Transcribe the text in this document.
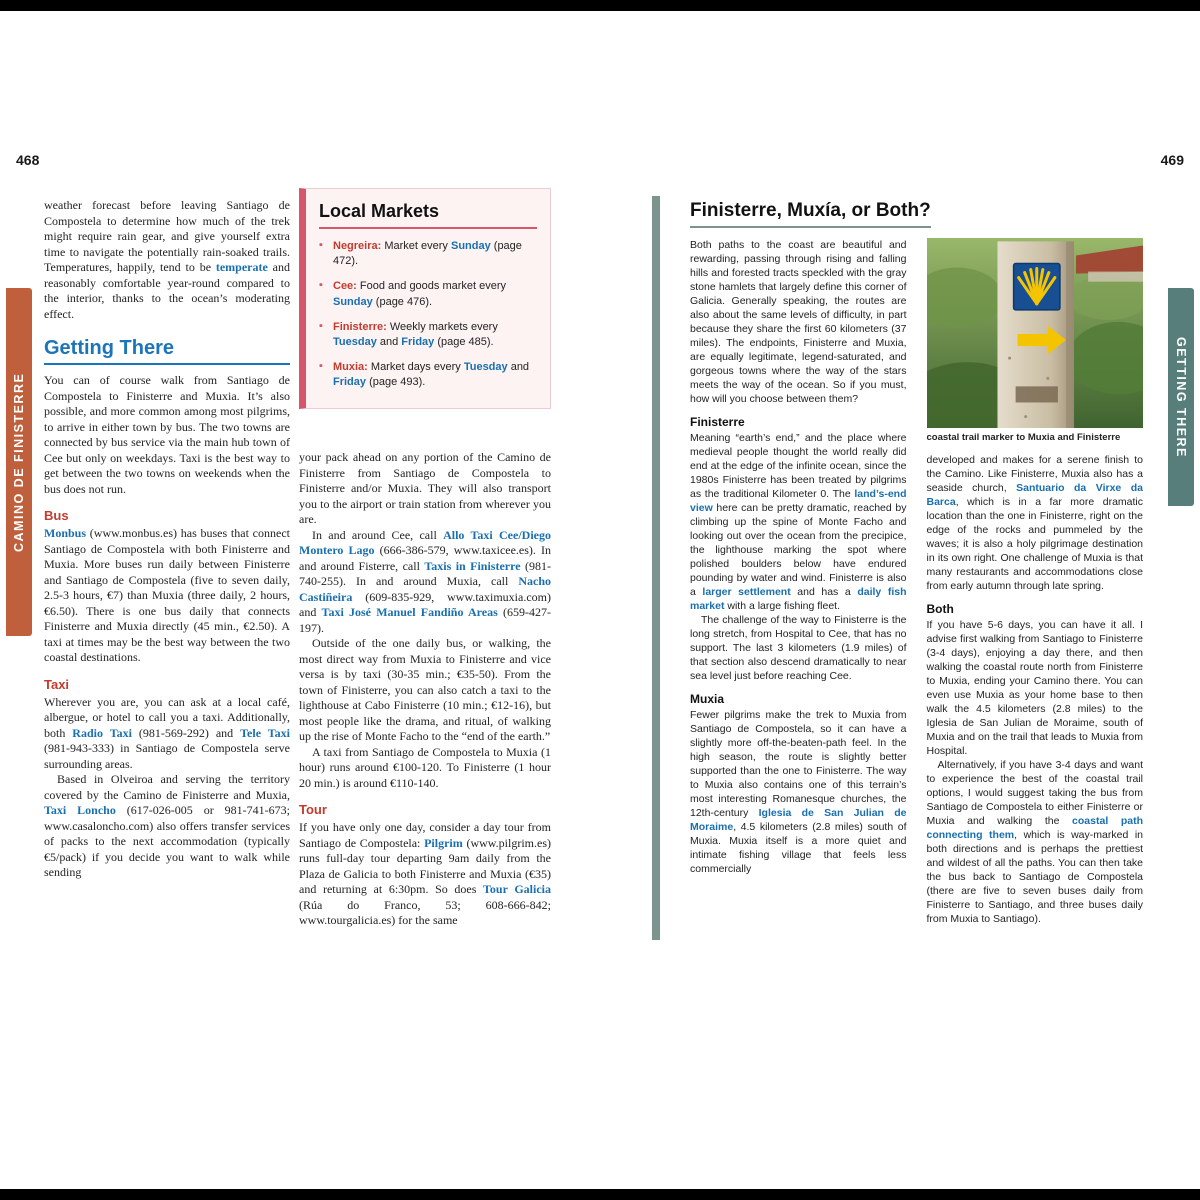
468	469
CAMINO DE FINISTERRE	GETTING THERE

weather forecast before leaving Santiago de Compostela to determine how much of the trek might require rain gear, and give yourself extra time to navigate the potentially rain-soaked trails. Temperatures, happily, tend to be temperate and reasonably comfortable year-round compared to the interior, thanks to the ocean’s moderating effect.

Getting There

You can of course walk from Santiago de Compostela to Finisterre and Muxia. It’s also possible, and more common among most pilgrims, to arrive in either town by bus. The two towns are connected by bus service via the main hub town of Cee but only on weekdays. Taxi is the best way to get between the two towns on weekends when the bus does not run.

Bus

Monbus (www.monbus.es) has buses that connect Santiago de Compostela with both Finisterre and Muxia. More buses run daily between Finisterre and Santiago de Compostela (five to seven daily, 2.5-3 hours, €7) than Muxia (three daily, 2 hours, €6.50). There is one bus daily that connects Finisterre and Muxia directly (45 min., €2.50). A taxi at times may be the best way between the two coastal destinations.

Taxi

Wherever you are, you can ask at a local café, albergue, or hotel to call you a taxi. Additionally, both Radio Taxi (981-569-292) and Tele Taxi (981-943-333) in Santiago de Compostela serve surrounding areas.

Based in Olveiroa and serving the territory covered by the Camino de Finisterre and Muxia, Taxi Loncho (617-026-005 or 981-741-673; www.casaloncho.com) also offers transfer services of packs to the next accommodation (typically €5/pack) if you decide you want to walk while sending

Local Markets

▪ Negreira: Market every Sunday (page 472).

▪ Cee: Food and goods market every Sunday (page 476).

▪ Finisterre: Weekly markets every Tuesday and Friday (page 485).

▪ Muxia: Market days every Tuesday and Friday (page 493).

your pack ahead on any portion of the Camino de Finisterre from Santiago de Compostela to Finisterre and/or Muxia. They will also transport you to the airport or train station from wherever you are.

In and around Cee, call Allo Taxi Cee/Diego Montero Lago (666-386-579, www.taxicee.es). In and around Fisterre, call Taxis in Finisterre (981-740-255). In and around Muxia, call Nacho Castiñeira (609-835-929, www.taximuxia.com) and Taxi José Manuel Fandiño Areas (659-427-197).

Outside of the one daily bus, or walking, the most direct way from Muxia to Finisterre and vice versa is by taxi (30-35 min.; €35-50). From the town of Finisterre, you can also catch a taxi to the lighthouse at Cabo Finisterre (10 min.; €12-16), but most people like the drama, and ritual, of walking up the rise of Monte Facho to the “end of the earth.”

A taxi from Santiago de Compostela to Muxia (1 hour) runs around €100-120. To Finisterre (1 hour 20 min.) is around €110-140.

Tour

If you have only one day, consider a day tour from Santiago de Compostela: Pilgrim (www.pilgrim.es) runs full-day tour departing 9am daily from the Plaza de Galicia to both Finisterre and Muxia (€35) and returning at 6:30pm. So does Tour Galicia (Rúa do Franco, 53; 608-666-842; www.tourgalicia.es) for the same

Finisterre, Muxía, or Both?

Both paths to the coast are beautiful and rewarding, passing through rising and falling hills and forested tracts speckled with the gray stone hamlets that largely define this corner of Galicia. Generally speaking, the routes are also about the same levels of difficulty, in part because they share the first 60 kilometers (37 miles). The endpoints, Finisterre and Muxia, are equally legitimate, legend-saturated, and gorgeous towns where the way of the stars meets the way of the ocean. So if you must, how will you choose between them?

Finisterre

Meaning “earth’s end,” and the place where medieval people thought the world really did end at the edge of the infinite ocean, since the 1980s Finisterre has been treated by pilgrims as the traditional Kilometer 0. The land’s-end view here can be pretty dramatic, reached by climbing up the spine of Monte Facho and looking out over the ocean from the precipice, the lighthouse marking the spot where polished boulders below have endured pounding by water and wind. Finisterre is also a larger settlement and has a daily fish market with a large fishing fleet.

The challenge of the way to Finisterre is the long stretch, from Hospital to Cee, that has no support. The last 3 kilometers (1.9 miles) of that section also descend dramatically to near sea level just before reaching Cee.

Muxia

Fewer pilgrims make the trek to Muxia from Santiago de Compostela, so it can have a slightly more off-the-beaten-path feel. In the high season, the route is slightly better supported than the one to Finisterre. The way to Muxia also contains one of this terrain’s most interesting Romanesque churches, the 12th-century Iglesia de San Julian de Moraime, 4.5 kilometers (2.8 miles) south of Muxia. Muxia itself is a more quiet and intimate fishing village that feels less commercially

coastal trail marker to Muxia and Finisterre

developed and makes for a serene finish to the Camino. Like Finisterre, Muxia also has a seaside church, Santuario da Virxe da Barca, which is in a far more dramatic location than the one in Finisterre, right on the edge of the rocks and pummeled by the waves; it is also a holy pilgrimage destination in its own right. One challenge of Muxia is that many restaurants and accommodations close from early autumn through late spring.

Both

If you have 5-6 days, you can have it all. I advise first walking from Santiago to Finisterre (3-4 days), enjoying a day there, and then walking the coastal route north from Finisterre to Muxia, ending your Camino there. You can even use Muxia as your home base to then walk the 4.5 kilometers (2.8 miles) to the Iglesia de San Julian de Moraime, south of Muxia and on the trail that leads to Muxia from Hospital.

Alternatively, if you have 3-4 days and want to experience the best of the coastal trail options, I would suggest taking the bus from Santiago de Compostela to either Finisterre or Muxia and walking the coastal path connecting them, which is way-marked in both directions and is perhaps the prettiest and wildest of all the paths. You can then take the bus back to Santiago de Compostela (there are five to seven buses daily from Finisterre to Santiago, and three buses daily from Muxia to Santiago).
